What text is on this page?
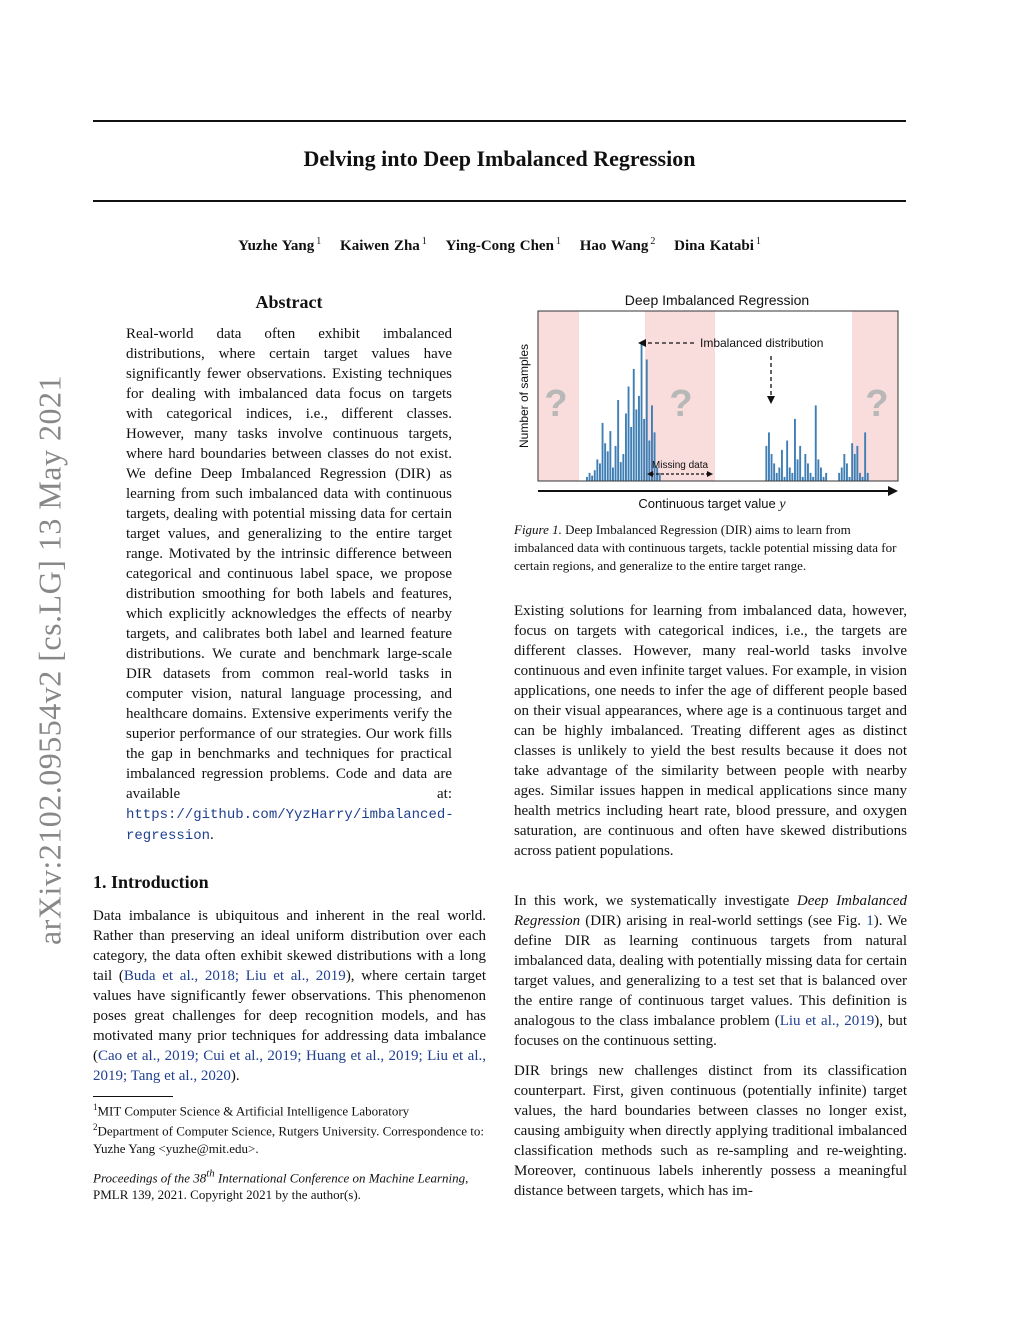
Delving into Deep Imbalanced Regression
Yuzhe Yang $^1$ Kaiwen Zha $^1$ Ying-Cong Chen $^1$ Hao Wang $^2$ Dina Katabi $^1$
arXiv:2102.09554v2 [cs.LG] 13 May 2021
Abstract
Real-world data often exhibit imbalanced distributions, where certain target values have significantly fewer observations. Existing techniques for dealing with imbalanced data focus on targets with categorical indices, i.e., different classes. However, many tasks involve continuous targets, where hard boundaries between classes do not exist. We define Deep Imbalanced Regression (DIR) as learning from such imbalanced data with continuous targets, dealing with potential missing data for certain target values, and generalizing to the entire target range. Motivated by the intrinsic difference between categorical and continuous label space, we propose distribution smoothing for both labels and features, which explicitly acknowledges the effects of nearby targets, and calibrates both label and learned feature distributions. We curate and benchmark large-scale DIR datasets from common real-world tasks in computer vision, natural language processing, and healthcare domains. Extensive experiments verify the superior performance of our strategies. Our work fills the gap in benchmarks and techniques for practical imbalanced regression problems. Code and data are available at: https://github.com/YyzHarry/imbalanced-regression.
1. Introduction
Data imbalance is ubiquitous and inherent in the real world. Rather than preserving an ideal uniform distribution over each category, the data often exhibit skewed distributions with a long tail (Buda et al., 2018; Liu et al., 2019), where certain target values have significantly fewer observations. This phenomenon poses great challenges for deep recognition models, and has motivated many prior techniques for addressing data imbalance (Cao et al., 2019; Cui et al., 2019; Huang et al., 2019; Liu et al., 2019; Tang et al., 2020).
$^1$MIT Computer Science & Artificial Intelligence Laboratory
$^2$Department of Computer Science, Rutgers University. Correspondence to: Yuzhe Yang <yuzhe@mit.edu>.
Proceedings of the 38th International Conference on Machine Learning, PMLR 139, 2021. Copyright 2021 by the author(s).
Deep Imbalanced Regression
Number of samples ?	?	?
Imbalanced distribution
Missing data
Continuous target value y
Figure 1. Deep Imbalanced Regression (DIR) aims to learn from imbalanced data with continuous targets, tackle potential missing data for certain regions, and generalize to the entire target range.

Existing solutions for learning from imbalanced data, however, focus on targets with categorical indices, i.e., the targets are different classes. However, many real-world tasks involve continuous and even infinite target values. For example, in vision applications, one needs to infer the age of different people based on their visual appearances, where age is a continuous target and can be highly imbalanced. Treating different ages as distinct classes is unlikely to yield the best results because it does not take advantage of the similarity between people with nearby ages. Similar issues happen in medical applications since many health metrics including heart rate, blood pressure, and oxygen saturation, are continuous and often have skewed distributions across patient populations.

In this work, we systematically investigate Deep Imbalanced Regression (DIR) arising in real-world settings (see Fig. 1). We define DIR as learning continuous targets from natural imbalanced data, dealing with potentially missing data for certain target values, and generalizing to a test set that is balanced over the entire range of continuous target values. This definition is analogous to the class imbalance problem (Liu et al., 2019), but focuses on the continuous setting.

DIR brings new challenges distinct from its classification counterpart. First, given continuous (potentially infinite) target values, the hard boundaries between classes no longer exist, causing ambiguity when directly applying traditional imbalanced classification methods such as re-sampling and re-weighting. Moreover, continuous labels inherently possess a meaningful distance between targets, which has im-
